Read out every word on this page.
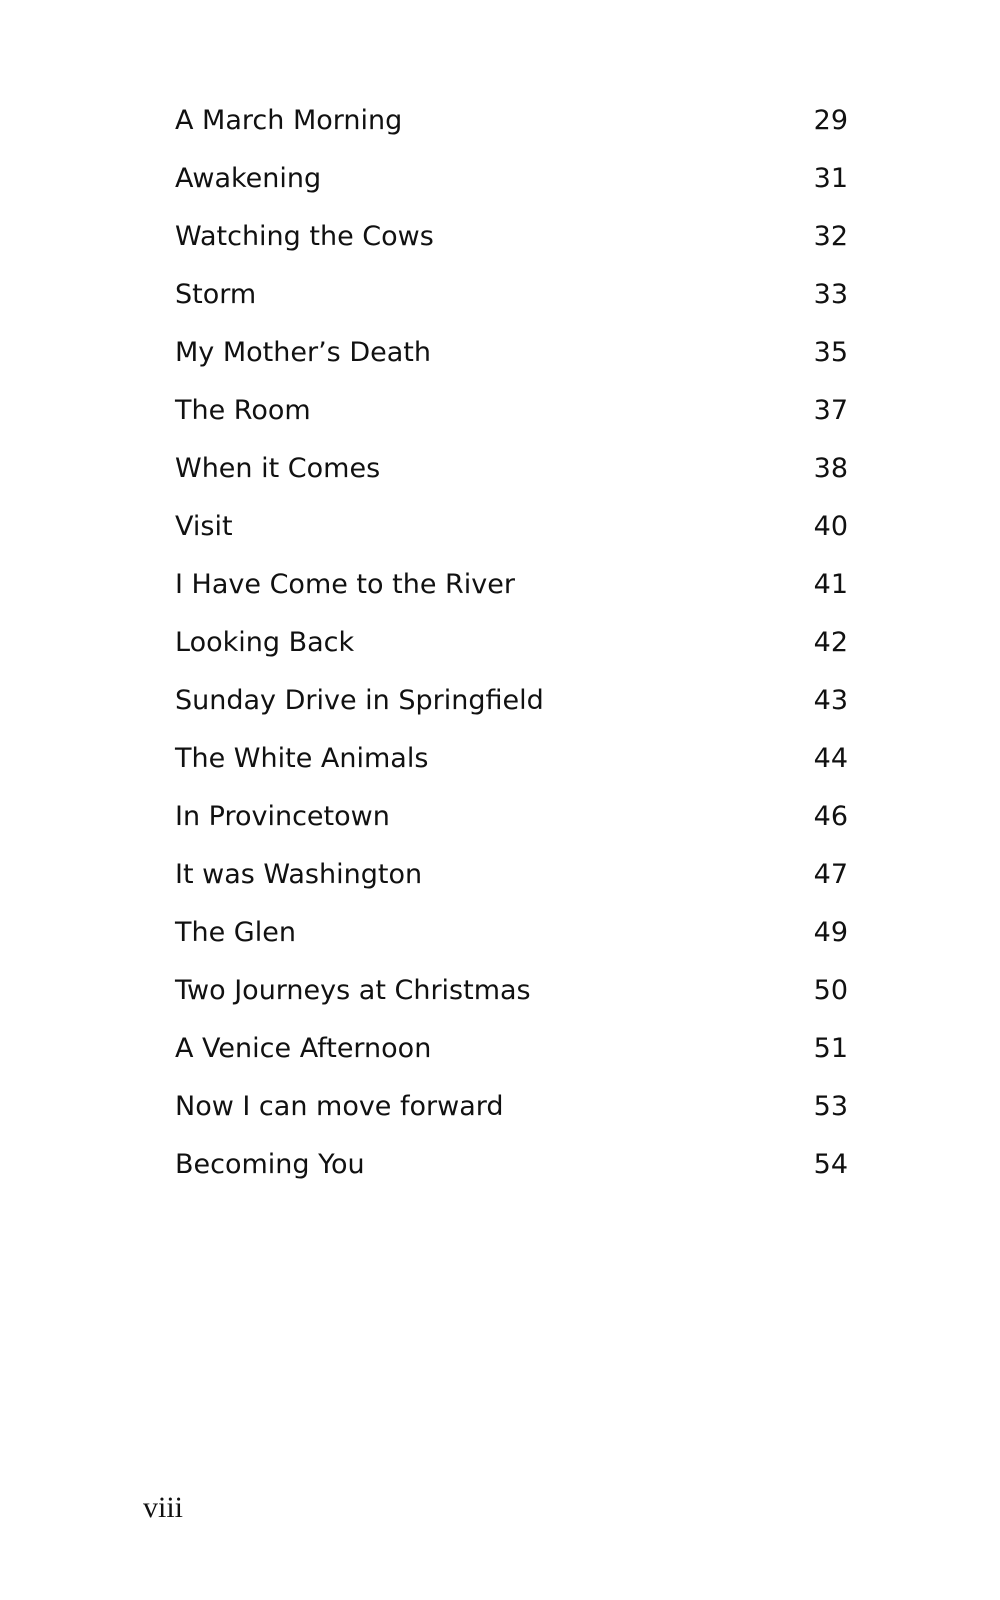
A March Morning	29
Awakening	31
Watching the Cows	32
Storm	33
My Mother’s Death	35
The Room	37
When it Comes	38
Visit	40
I Have Come to the River	41
Looking Back	42
Sunday Drive in Springfield	43
The White Animals	44
In Provincetown	46
It was Washington	47
The Glen	49
Two Journeys at Christmas	50
A Venice Afternoon	51
Now I can move forward	53
Becoming You	54
viii
